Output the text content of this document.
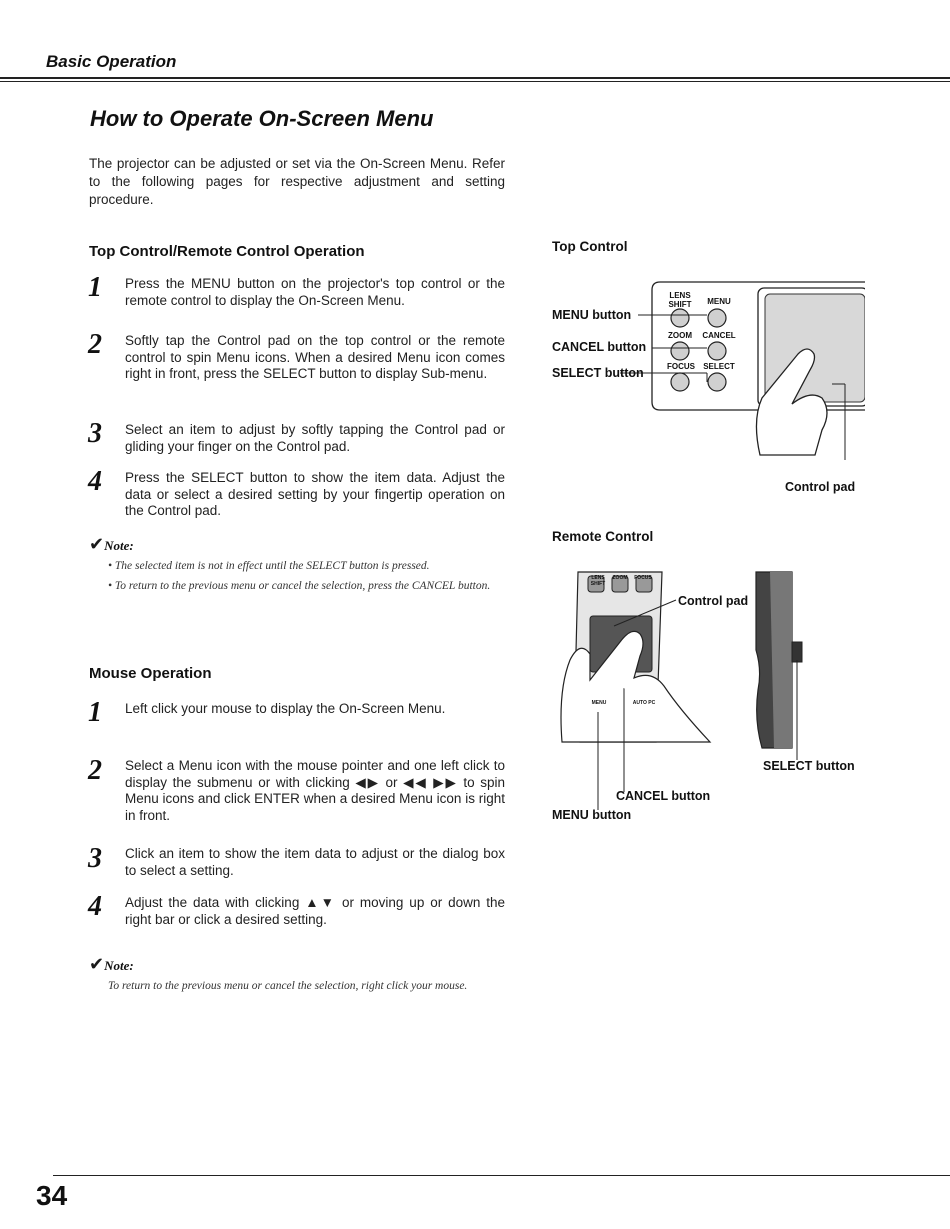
Basic Operation
How to Operate On-Screen Menu
The projector can be adjusted or set via the On-Screen Menu. Refer to the following pages for respective adjustment and setting procedure.
Top Control/Remote Control Operation
1 Press the MENU button on the projector's top control or the remote control to display the On-Screen Menu.
2 Softly tap the Control pad on the top control or the remote control to spin Menu icons. When a desired Menu icon comes right in front, press the SELECT button to display Sub-menu.
3 Select an item to adjust by softly tapping the Control pad or gliding your finger on the Control pad.
4 Press the SELECT button to show the item data. Adjust the data or select a desired setting by your fingertip operation on the Control pad.
✔Note:
• The selected item is not in effect until the SELECT button is pressed.
• To return to the previous menu or cancel the selection, press the CANCEL button.
Mouse Operation
1 Left click your mouse to display the On-Screen Menu.
2 Select a Menu icon with the mouse pointer and one left click to display the submenu or with clicking ◀▶ or ◀◀ ▶▶ to spin Menu icons and click ENTER when a desired Menu icon is right in front.
3 Click an item to show the item data to adjust or the dialog box to select a setting.
4 Adjust the data with clicking ▲▼ or moving up or down the right bar or click a desired setting.
✔Note:
To return to the previous menu or cancel the selection, right click your mouse.
Top Control
LENS SHIFT	MENU
ZOOM	CANCEL
FOCUS	SELECT
MENU button
CANCEL button
SELECT button
Control pad
Remote Control
LENS SHIFT
ZOOM FOCUS
CANCEL
MENU	AUTO PC
Control pad
SELECT button
CANCEL button
MENU button
34
